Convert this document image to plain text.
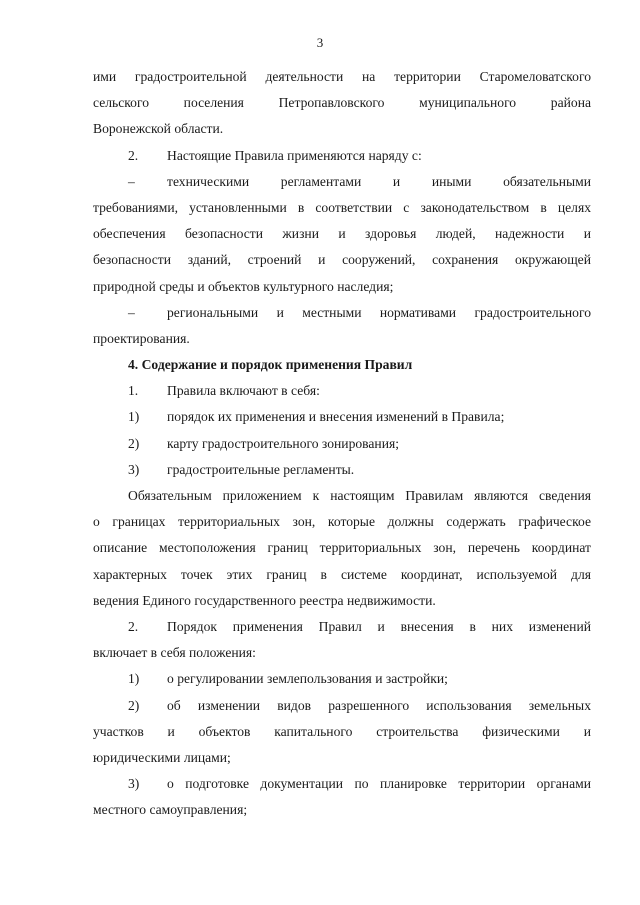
3
ими градостроительной деятельности на территории Старомеловатского
сельского поселения Петропавловского муниципального района
Воронежской области.
2.	Настоящие Правила применяются наряду с:
–	техническими регламентами и иными обязательными
требованиями, установленными в соответствии с законодательством в целях
обеспечения безопасности жизни и здоровья людей, надежности и
безопасности зданий, строений и сооружений, сохранения окружающей
природной среды и объектов культурного наследия;
–	региональными и местными нормативами градостроительного
проектирования.
4. Содержание и порядок применения Правил
1.	Правила включают в себя:
1)	порядок их применения и внесения изменений в Правила;
2)	карту градостроительного зонирования;
3)	градостроительные регламенты.
Обязательным приложением к настоящим Правилам являются сведения
о границах территориальных зон, которые должны содержать графическое
описание местоположения границ территориальных зон, перечень координат
характерных точек этих границ в системе координат, используемой для
ведения Единого государственного реестра недвижимости.
2.	Порядок применения Правил и внесения в них изменений
включает в себя положения:
1)	о регулировании землепользования и застройки;
2)	об изменении видов разрешенного использования земельных
участков и объектов капитального строительства физическими и
юридическими лицами;
3)	о подготовке документации по планировке территории органами
местного самоуправления;
